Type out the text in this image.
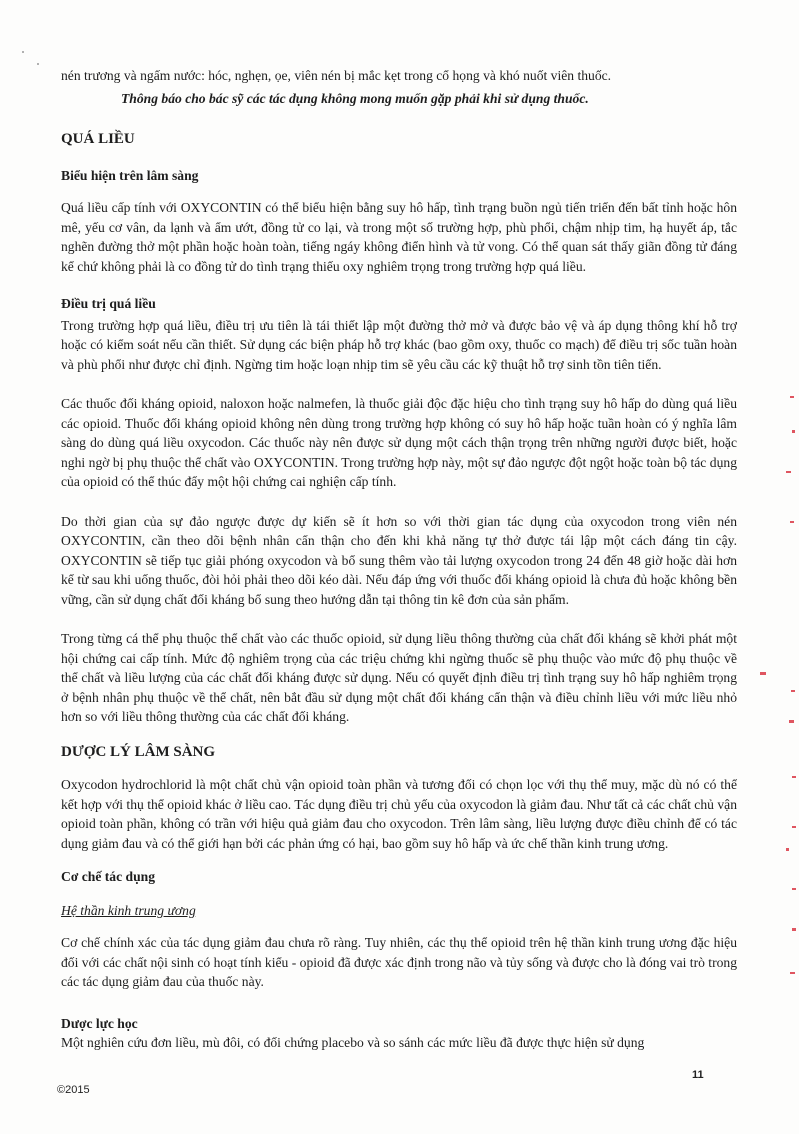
nén trương và ngấm nước: hóc, nghẹn, ọe, viên nén bị mắc kẹt trong cổ họng và khó nuốt viên thuốc.

Thông báo cho bác sỹ các tác dụng không mong muốn gặp phải khi sử dụng thuốc.

QUÁ LIỀU
Biểu hiện trên lâm sàng

Quá liều cấp tính với OXYCONTIN có thể biểu hiện bằng suy hô hấp, tình trạng buồn ngủ tiến triển đến bất tỉnh hoặc hôn mê, yếu cơ vân, da lạnh và ẩm ướt, đồng tử co lại, và trong một số trường hợp, phù phổi, chậm nhịp tim, hạ huyết áp, tắc nghẽn đường thở một phần hoặc hoàn toàn, tiếng ngáy không điển hình và tử vong. Có thể quan sát thấy giãn đồng tử đáng kể chứ không phải là co đồng tử do tình trạng thiếu oxy nghiêm trọng trong trường hợp quá liều.

Điều trị quá liều

Trong trường hợp quá liều, điều trị ưu tiên là tái thiết lập một đường thở mở và được bảo vệ và áp dụng thông khí hỗ trợ hoặc có kiểm soát nếu cần thiết. Sử dụng các biện pháp hỗ trợ khác (bao gồm oxy, thuốc co mạch) để điều trị sốc tuần hoàn và phù phổi như được chỉ định. Ngừng tim hoặc loạn nhịp tim sẽ yêu cầu các kỹ thuật hỗ trợ sinh tồn tiên tiến.

Các thuốc đối kháng opioid, naloxon hoặc nalmefen, là thuốc giải độc đặc hiệu cho tình trạng suy hô hấp do dùng quá liều các opioid. Thuốc đối kháng opioid không nên dùng trong trường hợp không có suy hô hấp hoặc tuần hoàn có ý nghĩa lâm sàng do dùng quá liều oxycodon. Các thuốc này nên được sử dụng một cách thận trọng trên những người được biết, hoặc nghi ngờ bị phụ thuộc thể chất vào OXYCONTIN. Trong trường hợp này, một sự đảo ngược đột ngột hoặc toàn bộ tác dụng của opioid có thể thúc đẩy một hội chứng cai nghiện cấp tính.

Do thời gian của sự đảo ngược được dự kiến sẽ ít hơn so với thời gian tác dụng của oxycodon trong viên nén OXYCONTIN, cần theo dõi bệnh nhân cẩn thận cho đến khi khả năng tự thở được tái lập một cách đáng tin cậy. OXYCONTIN sẽ tiếp tục giải phóng oxycodon và bổ sung thêm vào tải lượng oxycodon trong 24 đến 48 giờ hoặc dài hơn kể từ sau khi uống thuốc, đòi hỏi phải theo dõi kéo dài. Nếu đáp ứng với thuốc đối kháng opioid là chưa đủ hoặc không bền vững, cần sử dụng chất đối kháng bổ sung theo hướng dẫn tại thông tin kê đơn của sản phẩm.

Trong từng cá thể phụ thuộc thể chất vào các thuốc opioid, sử dụng liều thông thường của chất đối kháng sẽ khởi phát một hội chứng cai cấp tính. Mức độ nghiêm trọng của các triệu chứng khi ngừng thuốc sẽ phụ thuộc vào mức độ phụ thuộc về thể chất và liều lượng của các chất đối kháng được sử dụng. Nếu có quyết định điều trị tình trạng suy hô hấp nghiêm trọng ở bệnh nhân phụ thuộc về thể chất, nên bắt đầu sử dụng một chất đối kháng cẩn thận và điều chỉnh liều với mức liều nhỏ hơn so với liều thông thường của các chất đối kháng.

DƯỢC LÝ LÂM SÀNG

Oxycodon hydrochlorid là một chất chủ vận opioid toàn phần và tương đối có chọn lọc với thụ thể muy, mặc dù nó có thể kết hợp với thụ thể opioid khác ở liều cao. Tác dụng điều trị chủ yếu của oxycodon là giảm đau. Như tất cả các chất chủ vận opioid toàn phần, không có trần với hiệu quả giảm đau cho oxycodon. Trên lâm sàng, liều lượng được điều chỉnh để có tác dụng giảm đau và có thể giới hạn bởi các phản ứng có hại, bao gồm suy hô hấp và ức chế thần kinh trung ương.

Cơ chế tác dụng
Hệ thần kinh trung ương

Cơ chế chính xác của tác dụng giảm đau chưa rõ ràng. Tuy nhiên, các thụ thể opioid trên hệ thần kinh trung ương đặc hiệu đối với các chất nội sinh có hoạt tính kiểu - opioid đã được xác định trong não và tủy sống và được cho là đóng vai trò trong các tác dụng giảm đau của thuốc này.

Dược lực học

Một nghiên cứu đơn liều, mù đôi, có đối chứng placebo và so sánh các mức liều đã được thực hiện sử dụng

©2015
11
